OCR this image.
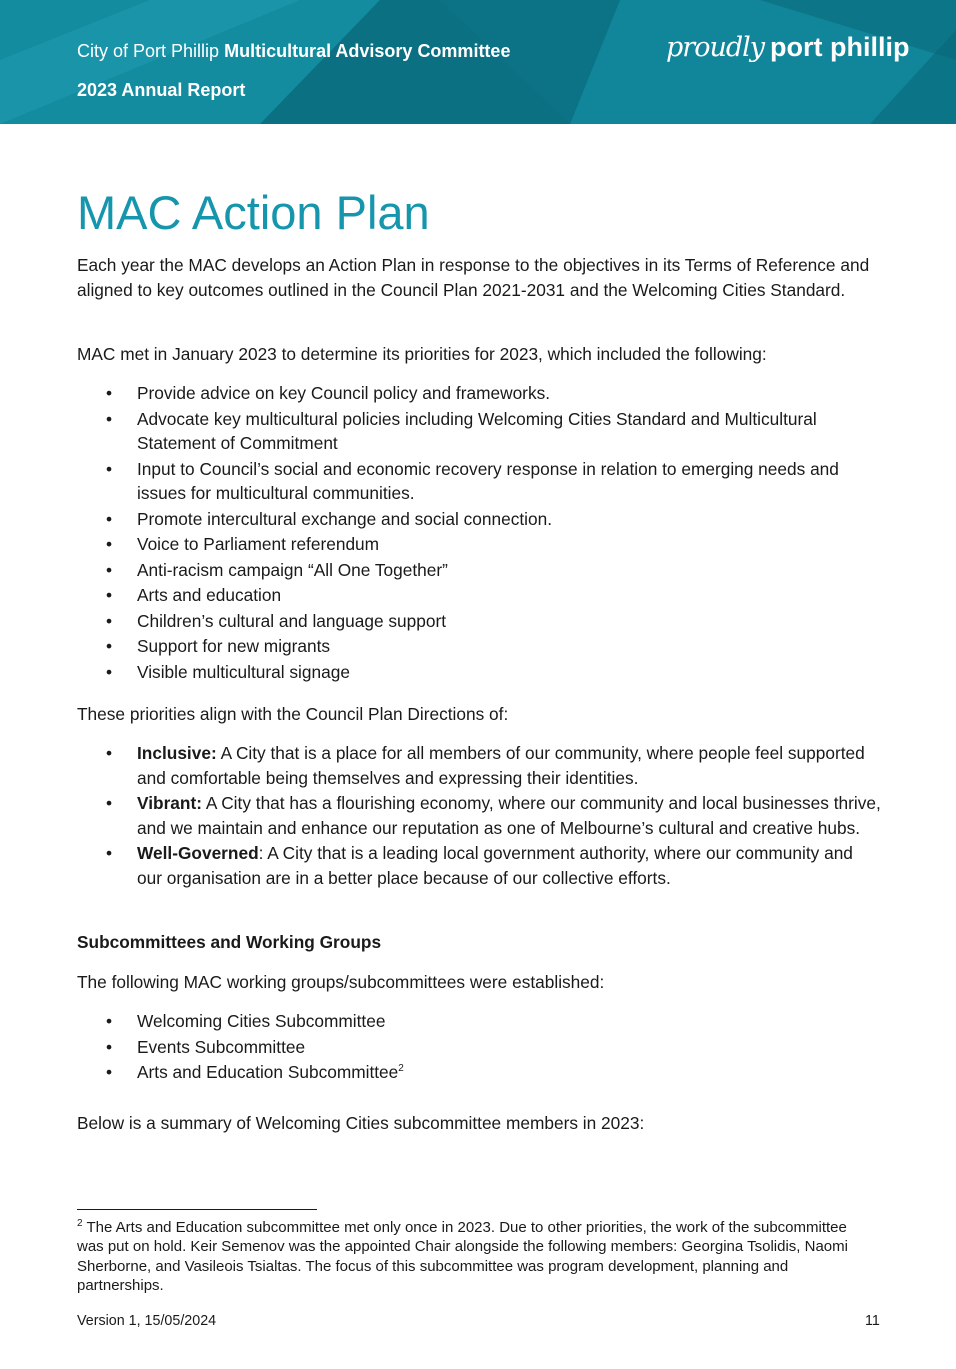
City of Port Phillip Multicultural Advisory Committee
2023 Annual Report
proudly port phillip
MAC Action Plan

Each year the MAC develops an Action Plan in response to the objectives in its Terms of Reference and aligned to key outcomes outlined in the Council Plan 2021-2031 and the Welcoming Cities Standard.

MAC met in January 2023 to determine its priorities for 2023, which included the following:

• Provide advice on key Council policy and frameworks.
• Advocate key multicultural policies including Welcoming Cities Standard and Multicultural Statement of Commitment
• Input to Council’s social and economic recovery response in relation to emerging needs and issues for multicultural communities.
• Promote intercultural exchange and social connection.
• Voice to Parliament referendum
• Anti-racism campaign “All One Together”
• Arts and education
• Children’s cultural and language support
• Support for new migrants
• Visible multicultural signage

These priorities align with the Council Plan Directions of:

• Inclusive: A City that is a place for all members of our community, where people feel supported and comfortable being themselves and expressing their identities.
• Vibrant: A City that has a flourishing economy, where our community and local businesses thrive, and we maintain and enhance our reputation as one of Melbourne’s cultural and creative hubs.
• Well-Governed: A City that is a leading local government authority, where our community and our organisation are in a better place because of our collective efforts.
Subcommittees and Working Groups

The following MAC working groups/subcommittees were established:

• Welcoming Cities Subcommittee
• Events Subcommittee
• Arts and Education Subcommittee$^2$

Below is a summary of Welcoming Cities subcommittee members in 2023:

$^2$ The Arts and Education subcommittee met only once in 2023. Due to other priorities, the work of the subcommittee was put on hold. Keir Semenov was the appointed Chair alongside the following members: Georgina Tsolidis, Naomi Sherborne, and Vasileois Tsialtas. The focus of this subcommittee was program development, planning and partnerships.

Version 1, 15/05/2024	11
